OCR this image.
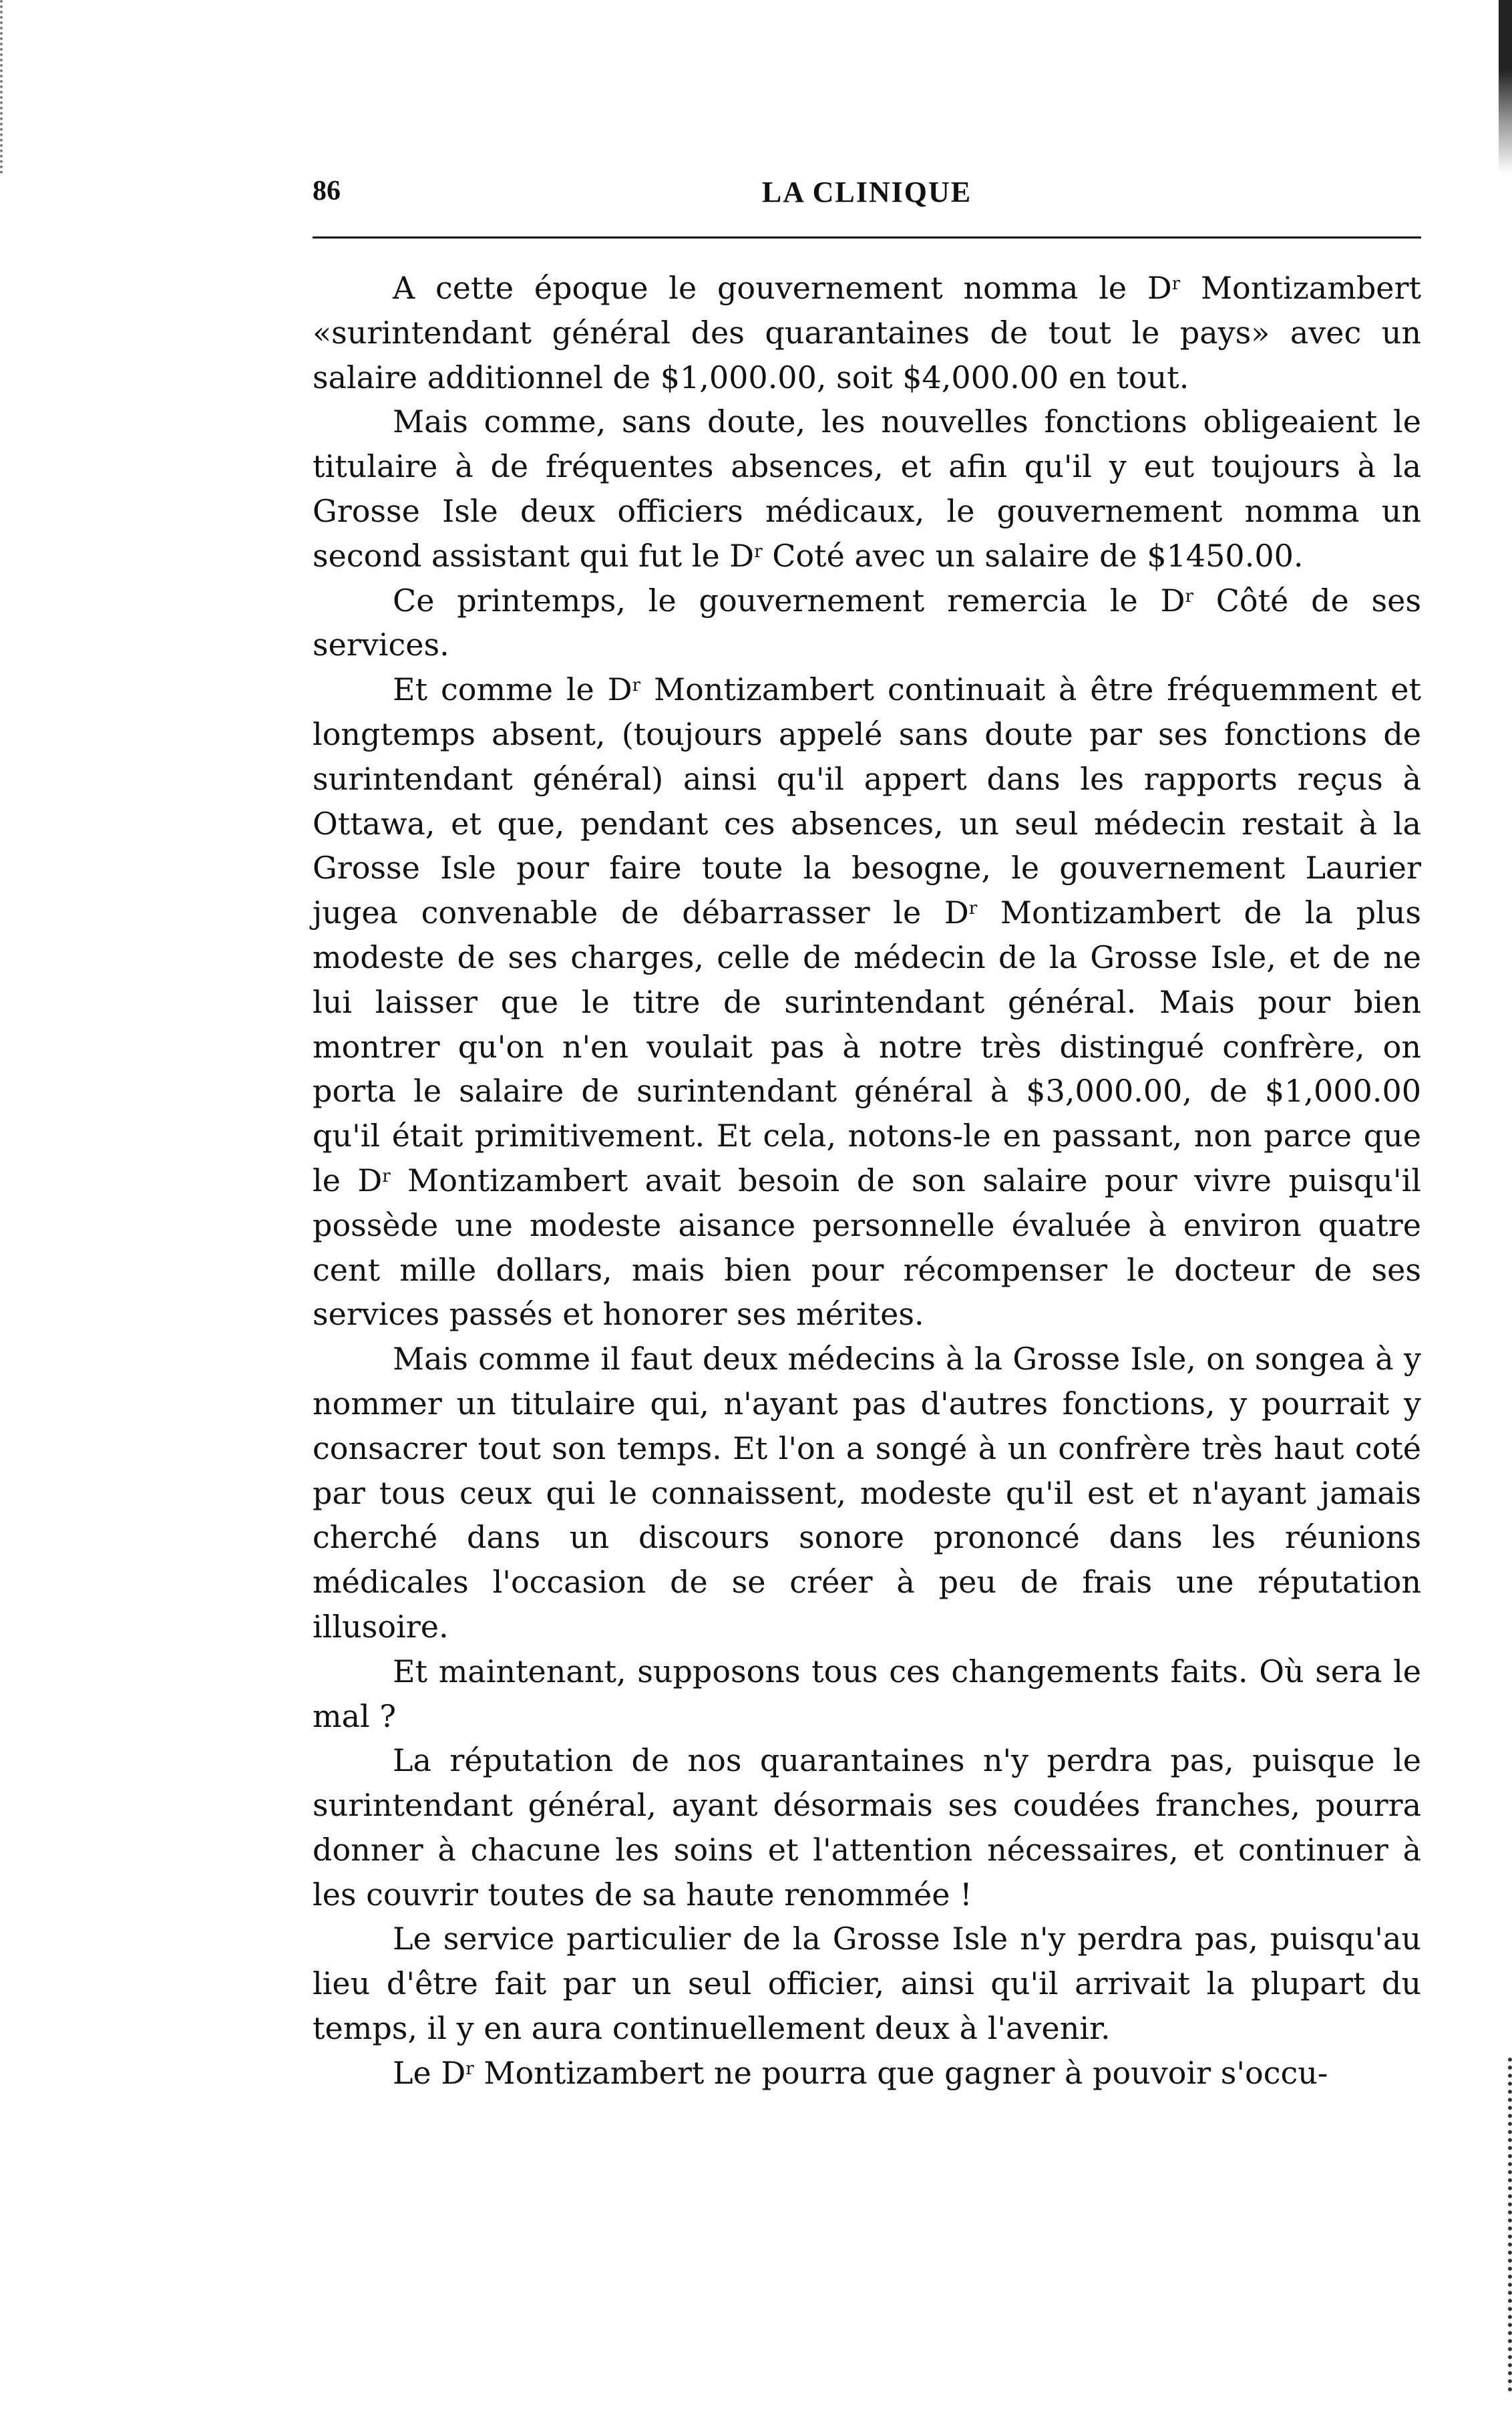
86	LA CLINIQUE

A cette époque le gouvernement nomma le $D^r$ Montizambert «surintendant général des quarantaines de tout le pays» avec un salaire additionnel de $1,000.00, soit $4,000.00 en tout.

Mais comme, sans doute, les nouvelles fonctions obligeaient le titulaire à de fréquentes absences, et afin qu'il y eut toujours à la Grosse Isle deux officiers médicaux, le gouvernement nomma un second assistant qui fut le $D^r$ Coté avec un salaire de $1450.00.

Ce printemps, le gouvernement remercia le $D^r$ Côté de ses services.

Et comme le $D^r$ Montizambert continuait à être fréquemment et longtemps absent, (toujours appelé sans doute par ses fonctions de surintendant général) ainsi qu'il appert dans les rapports reçus à Ottawa, et que, pendant ces absences, un seul médecin restait à la Grosse Isle pour faire toute la besogne, le gouvernement Laurier jugea convenable de débarrasser le $D^r$ Montizambert de la plus modeste de ses charges, celle de médecin de la Grosse Isle, et de ne lui laisser que le titre de surintendant général. Mais pour bien montrer qu'on n'en voulait pas à notre très distingué confrère, on porta le salaire de surintendant général à $3,000.00, de $1,000.00 qu'il était primitivement. Et cela, notons-le en passant, non parce que le $D^r$ Montizambert avait besoin de son salaire pour vivre puisqu'il possède une modeste aisance personnelle évaluée à environ quatre cent mille dollars, mais bien pour récompenser le docteur de ses services passés et honorer ses mérites.

Mais comme il faut deux médecins à la Grosse Isle, on songea à y nommer un titulaire qui, n'ayant pas d'autres fonctions, y pourrait y consacrer tout son temps. Et l'on a songé à un confrère très haut coté par tous ceux qui le connaissent, modeste qu'il est et n'ayant jamais cherché dans un discours sonore prononcé dans les réunions médicales l'occasion de se créer à peu de frais une réputation illusoire.

Et maintenant, supposons tous ces changements faits. Où sera le mal ?

La réputation de nos quarantaines n'y perdra pas, puisque le surintendant général, ayant désormais ses coudées franches, pourra donner à chacune les soins et l'attention nécessaires, et continuer à les couvrir toutes de sa haute renommée !

Le service particulier de la Grosse Isle n'y perdra pas, puisqu'au lieu d'être fait par un seul officier, ainsi qu'il arrivait la plupart du temps, il y en aura continuellement deux à l'avenir.

Le $D^r$ Montizambert ne pourra que gagner à pouvoir s'occu-
